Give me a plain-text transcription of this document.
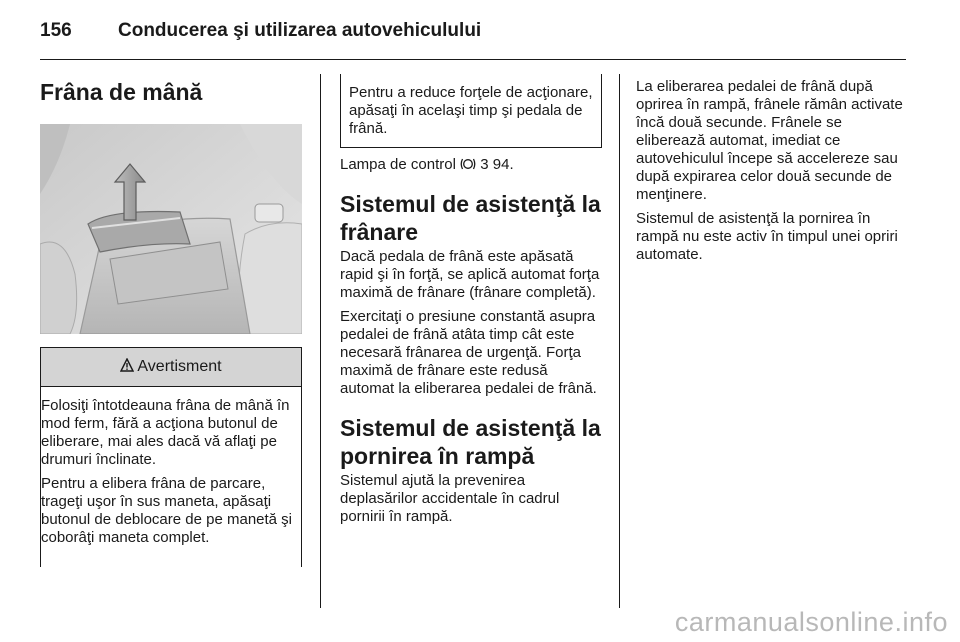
156 Conducerea şi utilizarea autovehiculului
Frâna de mână
Avertisment

Folosiţi întotdeauna frâna de mână în mod ferm, fără a acţiona butonul de eliberare, mai ales dacă vă aflaţi pe drumuri înclinate.

Pentru a elibera frâna de parcare, trageţi uşor în sus maneta, apăsaţi butonul de deblocare de pe manetă şi coborâţi maneta complet.

Pentru a reduce forţele de acţionare, apăsaţi în acelaşi timp şi pedala de frână.

Lampa de control 3 94.

Sistemul de asistenţă la frânare

Dacă pedala de frână este apăsată rapid şi în forţă, se aplică automat forţa maximă de frânare (frânare completă).

Exercitaţi o presiune constantă asupra pedalei de frână atâta timp cât este necesară frânarea de urgenţă. Forţa maximă de frânare este redusă automat la eliberarea pedalei de frână.

Sistemul de asistenţă la pornirea în rampă

Sistemul ajută la prevenirea deplasărilor accidentale în cadrul pornirii în rampă.

La eliberarea pedalei de frână după oprirea în rampă, frânele rămân activate încă două secunde. Frânele se eliberează automat, imediat ce autovehiculul începe să accelereze sau după expirarea celor două secunde de menţinere.

Sistemul de asistenţă la pornirea în rampă nu este activ în timpul unei opriri automate.

carmanualsonline.info
